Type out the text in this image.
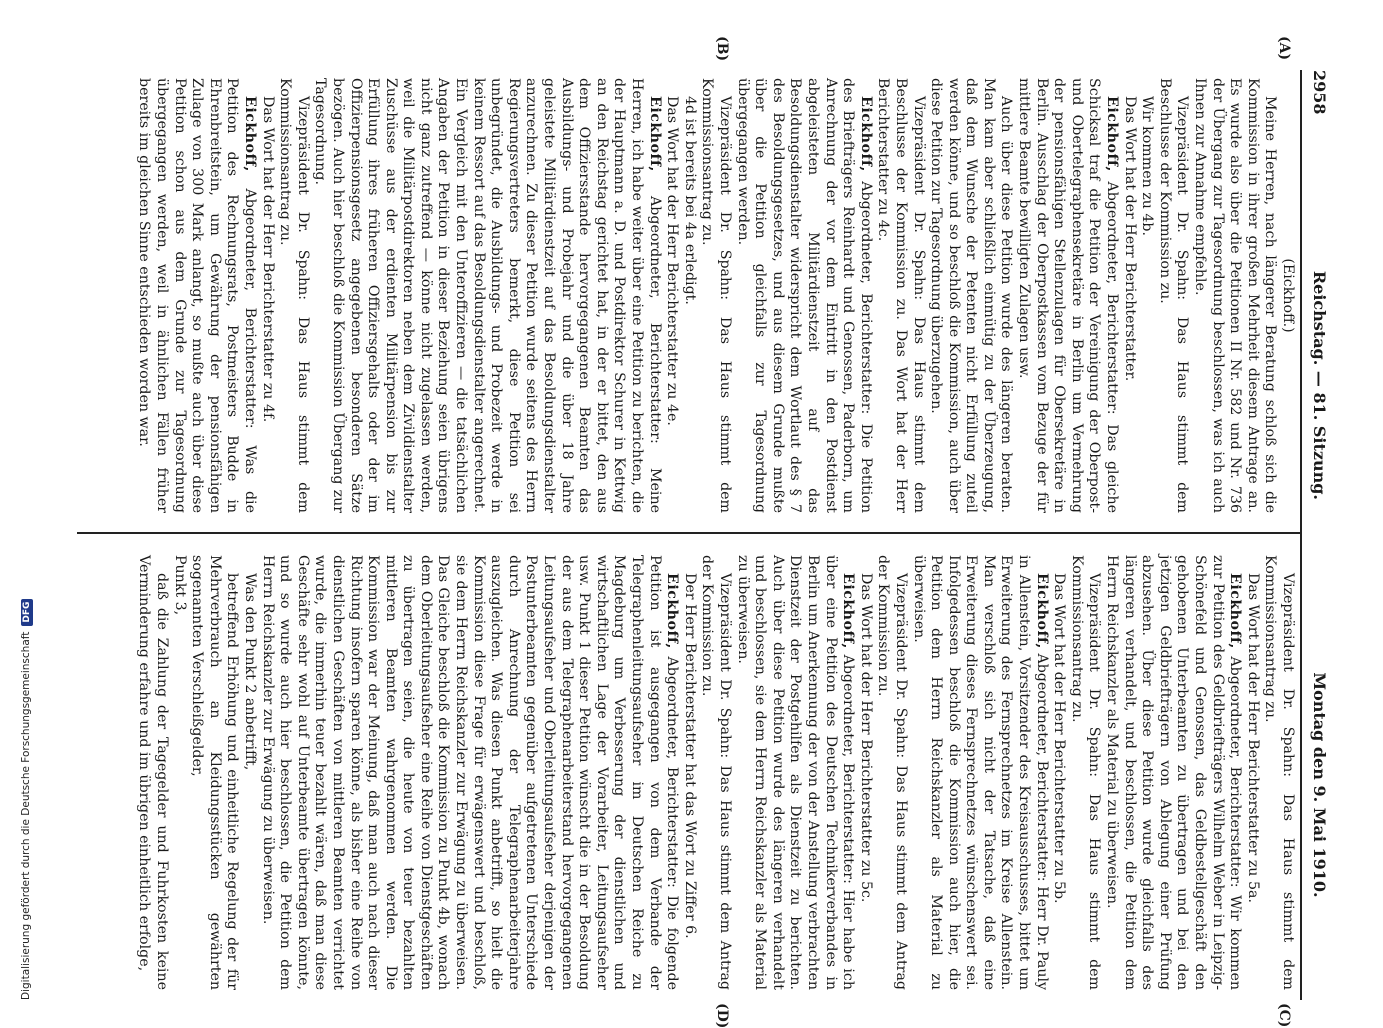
2958
Reichstag. — 81. Sitzung.
Montag den 9. Mai 1910.
(A)
(B)
(C)
(D)

(Eickhoff.)

Meine Herren, nach längerer Beratung schloß sich die Kommission in ihrer großen Mehrheit diesem Antrage an. Es wurde also über die Petitionen II Nr. 582 und Nr. 736 der Übergang zur Tagesordnung beschlossen, was ich auch Ihnen zur Annahme empfehle.

Vizepräsident Dr. Spahn: Das Haus stimmt dem Beschlusse der Kommission zu.

Wir kommen zu 4b.

Das Wort hat der Herr Berichterstatter.

Eickhoff, Abgeordneter, Berichterstatter: Das gleiche Schicksal traf die Petition der Vereinigung der Oberpost- und Obertelegraphensekretäre in Berlin um Vermehrung der pensionsfähigen Stellenzulagen für Obersekretäre in Berlin. Ausschlag der Oberpostkassen vom Bezuge der für mittlere Beamte bewilligten Zulagen usw.

Auch über diese Petition wurde des längeren beraten. Man kam aber schließlich einmütig zu der Überzeugung, daß dem Wunsche der Petenten nicht Erfüllung zuteil werden könne, und so beschloß die Kommission, auch über diese Petition zur Tagesordnung überzugehen.

Vizepräsident Dr. Spahn: Das Haus stimmt dem Beschlusse der Kommission zu. Das Wort hat der Herr Berichterstatter zu 4c.

Eickhoff, Abgeordneter, Berichterstatter: Die Petition des Briefträgers Reinhardt und Genossen, Paderborn, um Anrechnung der vor dem Eintritt in den Postdienst abgeleisteten Militärdienstzeit auf das Besoldungsdienstalter widerspricht dem Wortlaut des § 7 des Besoldungsgesetzes, und aus diesem Grunde mußte über die Petition gleichfalls zur Tagesordnung übergegangen werden.

Vizepräsident Dr. Spahn: Das Haus stimmt dem Kommissionsantrag zu.

4d ist bereits bei 4a erledigt.

Das Wort hat der Herr Berichterstatter zu 4e.

Eickhoff, Abgeordneter, Berichterstatter: Meine Herren, ich habe weiter über eine Petition zu berichten, die der Hauptmann a. D. und Postdirektor Schurer in Kettwig an den Reichstag gerichtet hat, in der er bittet, den aus dem Offiziersstande hervorgegangenen Beamten das Ausbildungs- und Probejahr und die über 18 Jahre geleistete Militärdienstzeit auf das Besoldungsdienstalter anzurechnen. Zu dieser Petition wurde seitens des Herrn Regierungsvertreters bemerkt, diese Petition sei unbegründet, die Ausbildungs- und Probezeit werde in keinem Ressort auf das Besoldungsdienstalter angerechnet. Ein Vergleich mit den Unteroffizieren — die tatsächlichen Angaben der Petition in dieser Beziehung seien übrigens nicht ganz zutreffend — könne nicht zugelassen werden, weil die Militärpostdirektoren neben dem Zivildienstalter Zuschüsse aus der erdienten Militärpension bis zur Erfüllung ihres früheren Offiziersgehalts oder der im Offizierpensionsgesetz angegebenen besonderen Sätze bezögen. Auch hier beschloß die Kommission Übergang zur Tagesordnung.

Vizepräsident Dr. Spahn: Das Haus stimmt dem Kommissionsantrag zu.

Das Wort hat der Herr Berichterstatter zu 4f.

Eickhoff, Abgeordneter, Berichterstatter: Was die Petition des Rechnungsrats, Postmeisters Budde in Ehrenbreitstein, um Gewährung der pensionsfähigen Zulage von 300 Mark anlangt, so mußte auch über diese Petition schon aus dem Grunde zur Tagesordnung übergegangen werden, weil in ähnlichen Fällen früher bereits im gleichen Sinne entschieden worden war.

Vizepräsident Dr. Spahn: Das Haus stimmt dem Kommissionsantrag zu.

Das Wort hat der Herr Berichterstatter zu 5a.

Eickhoff, Abgeordneter, Berichterstatter: Wir kommen zur Petition des Geldbriefträgers Wilhelm Weber in Leipzig-Schönefeld und Genossen, das Geldbestellgeschäft den gehobenen Unterbeamten zu übertragen und bei den jetzigen Geldbriefträgern von Ablegung einer Prüfung abzusehen. Über diese Petition wurde gleichfalls des längeren verhandelt, und beschlossen, die Petition dem Herrn Reichskanzler als Material zu überweisen.

Vizepräsident Dr. Spahn: Das Haus stimmt dem Kommissionsantrag zu.

Das Wort hat der Herr Berichterstatter zu 5b.

Eickhoff, Abgeordneter, Berichterstatter: Herr Dr. Pauly in Allenstein, Vorsitzender des Kreisausschusses, bittet um Erweiterung des Fernsprechnetzes im Kreise Allenstein. Man verschloß sich nicht der Tatsache, daß eine Erweiterung dieses Fernsprechnetzes wünschenswert sei. Infolgedessen beschloß die Kommission auch hier, die Petition dem Herrn Reichskanzler als Material zu überweisen.

Vizepräsident Dr. Spahn: Das Haus stimmt dem Antrag der Kommission zu.

Das Wort hat der Herr Berichterstatter zu 5c.

Eickhoff, Abgeordneter, Berichterstatter: Hier habe ich über eine Petition des Deutschen Technikerverbandes in Berlin um Anerkennung der von der Anstellung verbrachten Dienstzeit der Postgehilfen als Dienstzeit zu berichten. Auch über diese Petition wurde des längeren verhandelt und beschlossen, sie dem Herrn Reichskanzler als Material zu überweisen.

Vizepräsident Dr. Spahn: Das Haus stimmt dem Antrag der Kommission zu.

Der Herr Berichterstatter hat das Wort zu Ziffer 6.

Eickhoff, Abgeordneter, Berichterstatter: Die folgende Petition ist ausgegangen von dem Verbande der Telegraphenleitungsaufseher im Deutschen Reiche zu Magdeburg um Verbesserung der dienstlichen und wirtschaftlichen Lage der Vorarbeiter, Leitungsaufseher usw. Punkt 1 dieser Petition wünscht die in der Besoldung der aus dem Telegraphenarbeiterstand hervorgegangenen Leitungsaufseher und Oberleitungsaufseher derjenigen der Postunterbeamten gegenüber aufgetretenen Unterschiede durch Anrechnung der Telegraphenarbeiterjahre auszugleichen. Was diesen Punkt anbetrifft, so hielt die Kommission diese Frage für erwägenswert und beschloß, sie dem Herrn Reichskanzler zur Erwägung zu überweisen. Das Gleiche beschloß die Kommission zu Punkt 4b, wonach dem Oberleitungsaufseher eine Reihe von Dienstgeschäften zu übertragen seien, die heute von teuer bezahlten mittleren Beamten wahrgenommen werden. Die Kommission war der Meinung, daß man auch nach dieser Richtung insofern sparen könne, als bisher eine Reihe von dienstlichen Geschäften von mittleren Beamten verrichtet wurde, die immerhin teuer bezahlt wären, daß man diese Geschäfte sehr wohl auf Unterbeamte übertragen könnte, und so wurde auch hier beschlossen, die Petition dem Herrn Reichskanzler zur Erwägung zu überweisen.

Was den Punkt 2 anbetrifft,

betreffend Erhöhung und einheitliche Regelung der für Mehrverbrauch an Kleidungsstücken gewährten sogenannten Verschleißgelder,

Punkt 3,

daß die Zahlung der Tagegelder und Fuhrkosten keine Verminderung erfahre und im übrigen einheitlich erfolge,

Digitalisierung gefördert durch die Deutsche ForschungsgemeinschaftDFG
